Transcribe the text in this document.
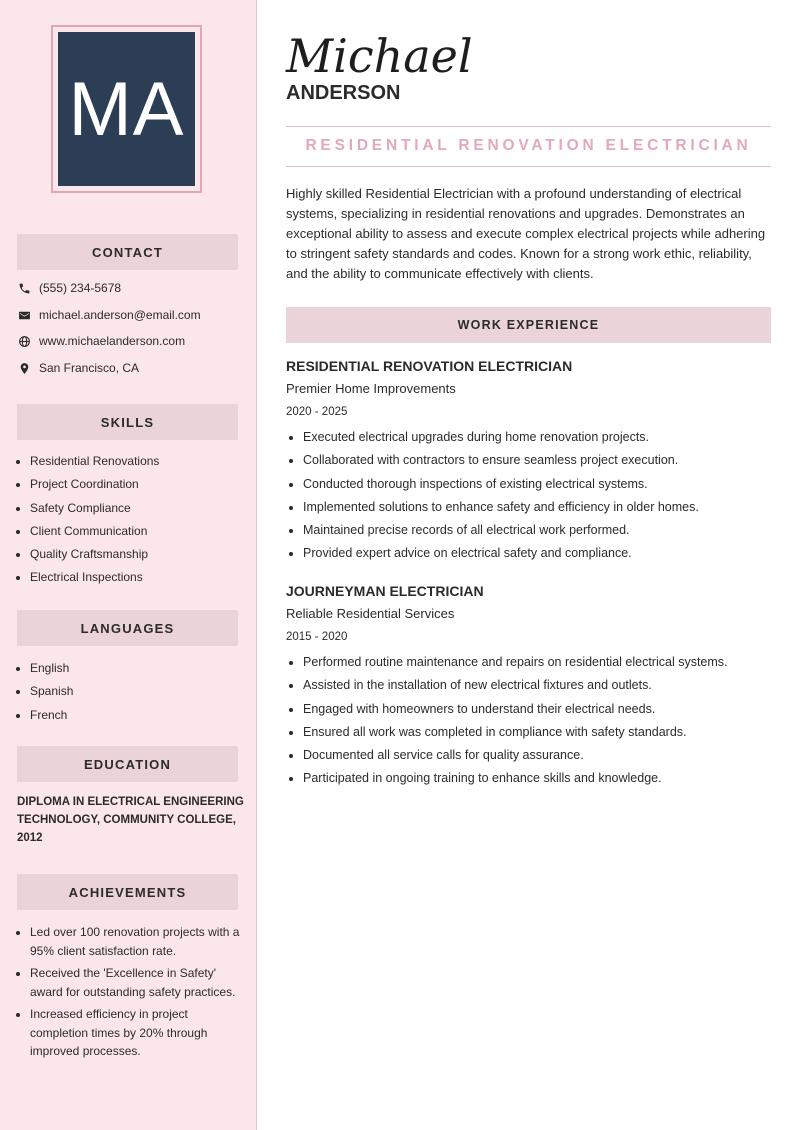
MA
CONTACT
(555) 234-5678
michael.anderson@email.com
www.michaelanderson.com
San Francisco, CA
SKILLS
• Residential Renovations
• Project Coordination
• Safety Compliance
• Client Communication
• Quality Craftsmanship
• Electrical Inspections
LANGUAGES
• English
• Spanish
• French
EDUCATION

DIPLOMA IN ELECTRICAL ENGINEERING TECHNOLOGY, COMMUNITY COLLEGE, 2012

ACHIEVEMENTS
• Led over 100 renovation projects with a 95% client satisfaction rate.
• Received the 'Excellence in Safety' award for outstanding safety practices.
• Increased efficiency in project completion times by 20% through improved processes.
Michael
ANDERSON
RESIDENTIAL RENOVATION ELECTRICIAN

Highly skilled Residential Electrician with a profound understanding of electrical systems, specializing in residential renovations and upgrades. Demonstrates an exceptional ability to assess and execute complex electrical projects while adhering to stringent safety standards and codes. Known for a strong work ethic, reliability, and the ability to communicate effectively with clients.

WORK EXPERIENCE
RESIDENTIAL RENOVATION ELECTRICIAN
Premier Home Improvements
2020 - 2025
• Executed electrical upgrades during home renovation projects.
• Collaborated with contractors to ensure seamless project execution.
• Conducted thorough inspections of existing electrical systems.
• Implemented solutions to enhance safety and efficiency in older homes.
• Maintained precise records of all electrical work performed.
• Provided expert advice on electrical safety and compliance.
JOURNEYMAN ELECTRICIAN
Reliable Residential Services
2015 - 2020
• Performed routine maintenance and repairs on residential electrical systems.
• Assisted in the installation of new electrical fixtures and outlets.
• Engaged with homeowners to understand their electrical needs.
• Ensured all work was completed in compliance with safety standards.
• Documented all service calls for quality assurance.
• Participated in ongoing training to enhance skills and knowledge.
